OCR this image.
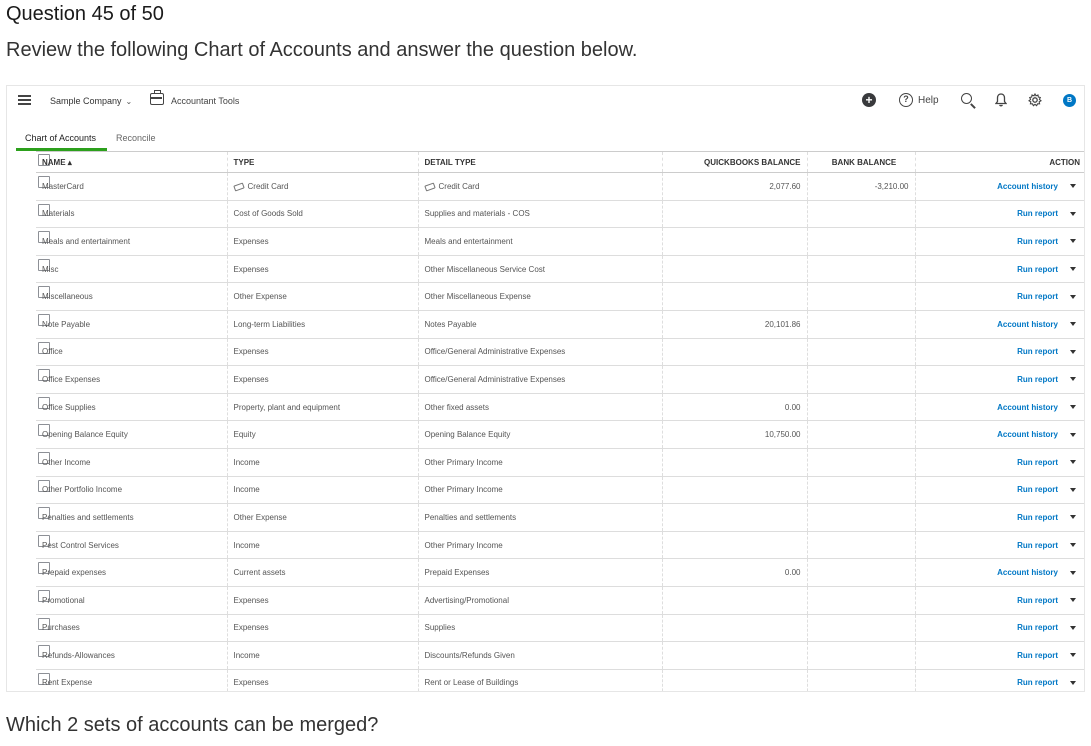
Question 45 of 50
Review the following Chart of Accounts and answer the question below.
Sample Company ⌄	Accountant Tools	+	? Help	B
Chart of Accounts Reconcile
NAME ▴	TYPE	DETAIL TYPE	QUICKBOOKS BALANCE	BANK BALANCE	ACTION
MasterCard	Credit Card	Credit Card	2,077.60	-3,210.00	Account history

Materials	Cost of Goods Sold	Supplies and materials - COS			Run report

Meals and entertainment	Expenses	Meals and entertainment			Run report

Misc	Expenses	Other Miscellaneous Service Cost			Run report

Miscellaneous	Other Expense	Other Miscellaneous Expense			Run report

Note Payable	Long-term Liabilities	Notes Payable	20,101.86		Account history

Office	Expenses	Office/General Administrative Expenses			Run report

Office Expenses	Expenses	Office/General Administrative Expenses			Run report

Office Supplies	Property, plant and equipment	Other fixed assets	0.00		Account history

Opening Balance Equity	Equity	Opening Balance Equity	10,750.00		Account history

Other Income	Income	Other Primary Income			Run report

Other Portfolio Income	Income	Other Primary Income			Run report

Penalties and settlements	Other Expense	Penalties and settlements			Run report

Pest Control Services	Income	Other Primary Income			Run report

Prepaid expenses	Current assets	Prepaid Expenses	0.00		Account history

Promotional	Expenses	Advertising/Promotional			Run report

Purchases	Expenses	Supplies			Run report

Refunds-Allowances	Income	Discounts/Refunds Given			Run report

Rent Expense	Expenses	Rent or Lease of Buildings			Run report
Which 2 sets of accounts can be merged?
